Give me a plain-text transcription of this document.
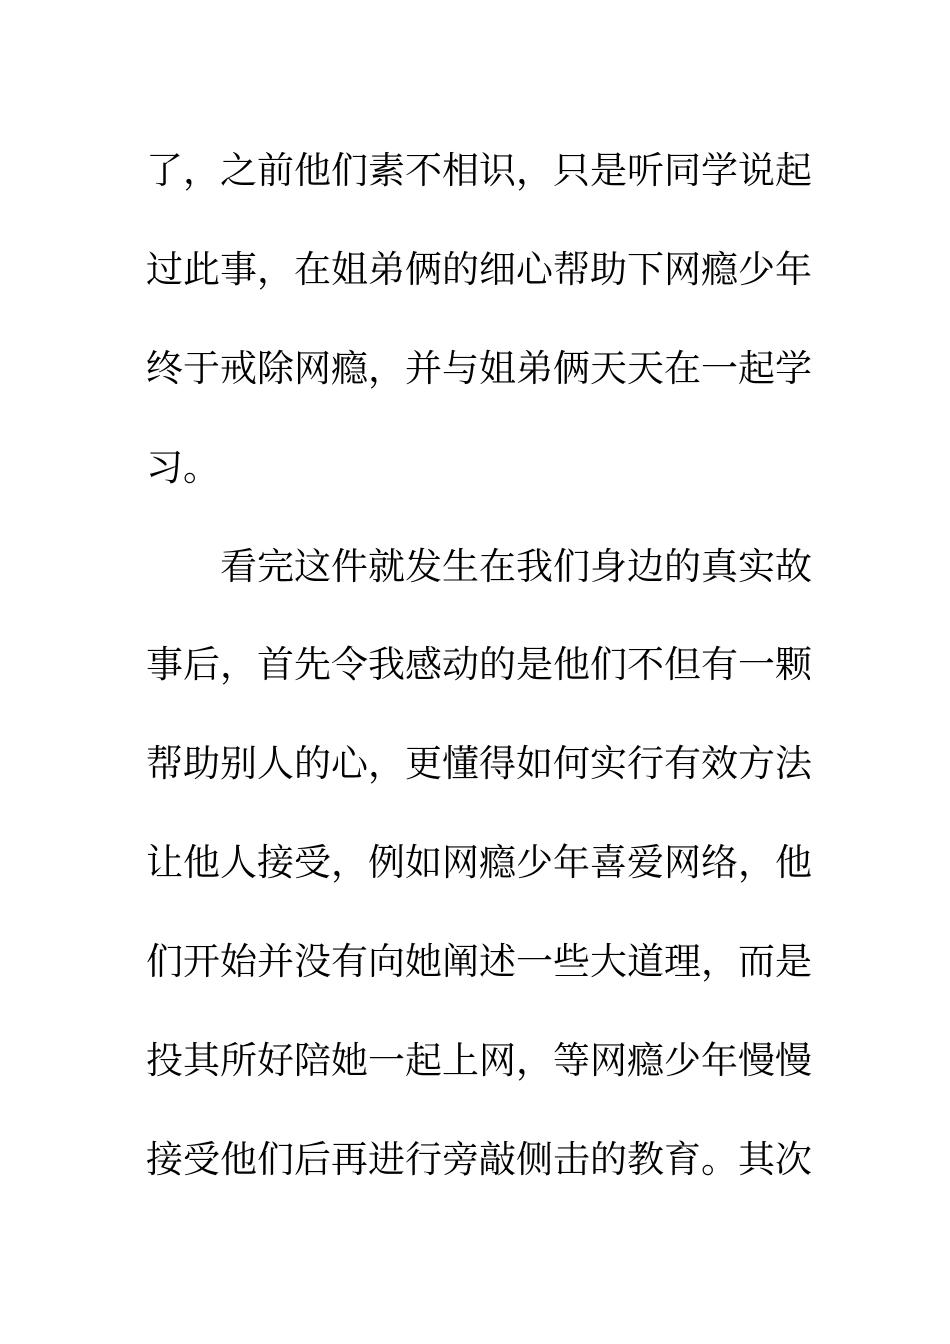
了，之前他们素不相识，只是听同学说起
过此事，在姐弟俩的细心帮助下网瘾少年
终于戒除网瘾，并与姐弟俩天天在一起学
习。
看完这件就发生在我们身边的真实故
事后，首先令我感动的是他们不但有一颗
帮助别人的心，更懂得如何实行有效方法
让他人接受，例如网瘾少年喜爱网络，他
们开始并没有向她阐述一些大道理，而是
投其所好陪她一起上网，等网瘾少年慢慢
接受他们后再进行旁敲侧击的教育。其次
